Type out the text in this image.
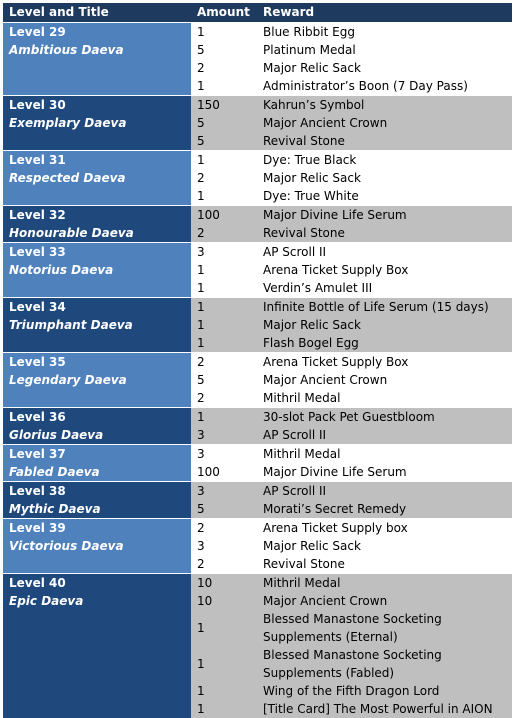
Level and Title	Amount	Reward

Level 29
Ambitious Daeva	1	Blue Ribbit Egg
	5	Platinum Medal
	2	Major Relic Sack
	1	Administrator’s Boon (7 Day Pass)

Level 30
Exemplary Daeva	150	Kahrun’s Symbol
	5	Major Ancient Crown
	5	Revival Stone

Level 31
Respected Daeva	1	Dye: True Black
	2	Major Relic Sack
	1	Dye: True White

Level 32
Honourable Daeva	100	Major Divine Life Serum
	2	Revival Stone

Level 33
Notorius Daeva	3	AP Scroll II
	1	Arena Ticket Supply Box
	1	Verdin’s Amulet III

Level 34
Triumphant Daeva	1	Infinite Bottle of Life Serum (15 days)
	1	Major Relic Sack
	1	Flash Bogel Egg

Level 35
Legendary Daeva	2	Arena Ticket Supply Box
	5	Major Ancient Crown
	2	Mithril Medal

Level 36
Glorius Daeva	1	30-slot Pack Pet Guestbloom
	3	AP Scroll II

Level 37
Fabled Daeva	3	Mithril Medal
	100	Major Divine Life Serum

Level 38
Mythic Daeva	3	AP Scroll II
	5	Morati’s Secret Remedy

Level 39
Victorious Daeva	2	Arena Ticket Supply box
	3	Major Relic Sack
	2	Revival Stone

Level 40
Epic Daeva	10	Mithril Medal
	10	Major Ancient Crown
	1	Blessed Manastone Socketing Supplements (Eternal)
	1	Blessed Manastone Socketing Supplements (Fabled)
	1	Wing of the Fifth Dragon Lord
	1	[Title Card] The Most Powerful in AION
